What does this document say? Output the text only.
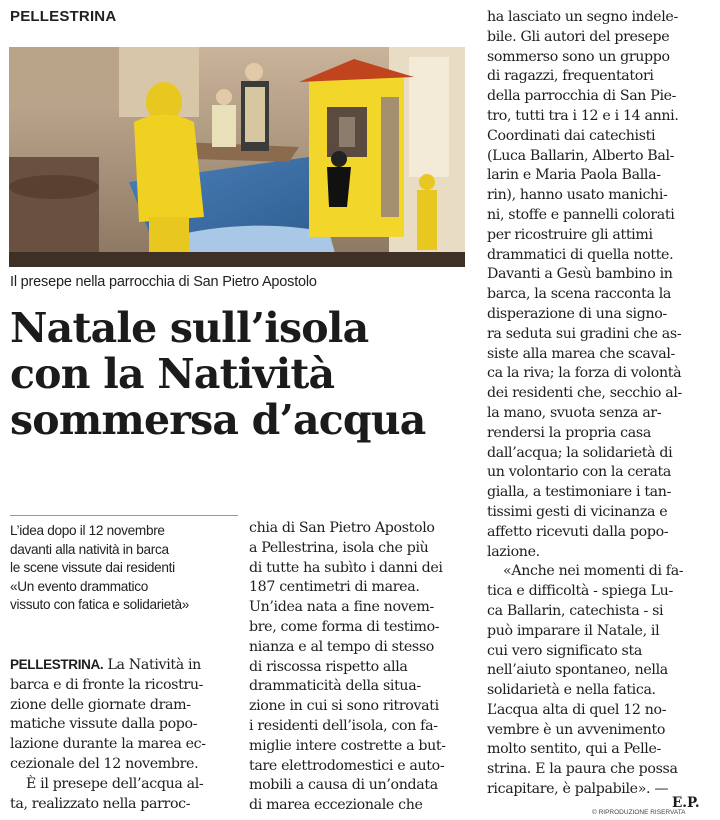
PELLESTRINA
Il presepe nella parrocchia di San Pietro Apostolo
Natale sull’isola
con la Natività
sommersa d’acqua
L’idea dopo il 12 novembre
davanti alla natività in barca
le scene vissute dai residenti
«Un evento drammatico
vissuto con fatica e solidarietà»
PELLESTRINA. La Natività in
barca e di fronte la ricostru-
zione delle giornate dram-
matiche vissute dalla popo-
lazione durante la marea ec-
cezionale del 12 novembre.
È il presepe dell’acqua al-
ta, realizzato nella parroc-
chia di San Pietro Apostolo
a Pellestrina, isola che più
di tutte ha subìto i danni dei
187 centimetri di marea.
Un’idea nata a fine novem-
bre, come forma di testimo-
nianza e al tempo di stesso
di riscossa rispetto alla
drammaticità della situa-
zione in cui si sono ritrovati
i residenti dell’isola, con fa-
miglie intere costrette a but-
tare elettrodomestici e auto-
mobili a causa di un’ondata
di marea eccezionale che
ha lasciato un segno indele-
bile. Gli autori del presepe
sommerso sono un gruppo
di ragazzi, frequentatori
della parrocchia di San Pie-
tro, tutti tra i 12 e i 14 anni.
Coordinati dai catechisti
(Luca Ballarin, Alberto Bal-
larin e Maria Paola Balla-
rin), hanno usato manichi-
ni, stoffe e pannelli colorati
per ricostruire gli attimi
drammatici di quella notte.
Davanti a Gesù bambino in
barca, la scena racconta la
disperazione di una signo-
ra seduta sui gradini che as-
siste alla marea che scaval-
ca la riva; la forza di volontà
dei residenti che, secchio al-
la mano, svuota senza ar-
rendersi la propria casa
dall’acqua; la solidarietà di
un volontario con la cerata
gialla, a testimoniare i tan-
tissimi gesti di vicinanza e
affetto ricevuti dalla popo-
lazione.
«Anche nei momenti di fa-
tica e difficoltà - spiega Lu-
ca Ballarin, catechista - si
può imparare il Natale, il
cui vero significato sta
nell’aiuto spontaneo, nella
solidarietà e nella fatica.
L’acqua alta di quel 12 no-
vembre è un avvenimento
molto sentito, qui a Pelle-
strina. E la paura che possa
ricapitare, è palpabile». —
E.P.
© RIPRODUZIONE RISERVATA
